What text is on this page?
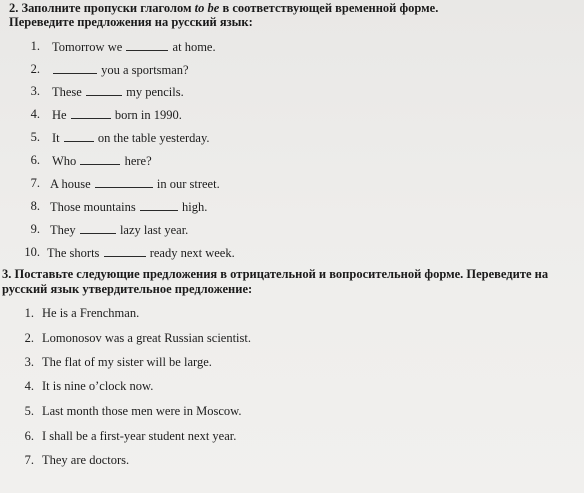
2. Заполните пропуски глаголом to be в соответствующей временной форме.
Переведите предложения на русский язык:
1. Tomorrow we	at home.
2.	you a sportsman?
3. These	my pencils.
4. He	born in 1990.
5. It	on the table yesterday.
6. Who	here?
7. A house	in our street.
8. Those mountains	high.
9. They	lazy last year.
10. The shorts	ready next week.
3. Поставьте следующие предложения в отрицательной и вопросительной форме. Переведите на
русский язык утвердительное предложение:
1. He is a Frenchman.
2. Lomonosov was a great Russian scientist.
3. The flat of my sister will be large.
4. It is nine o’clock now.
5. Last month those men were in Moscow.
6. I shall be a first-year student next year.
7. They are doctors.
